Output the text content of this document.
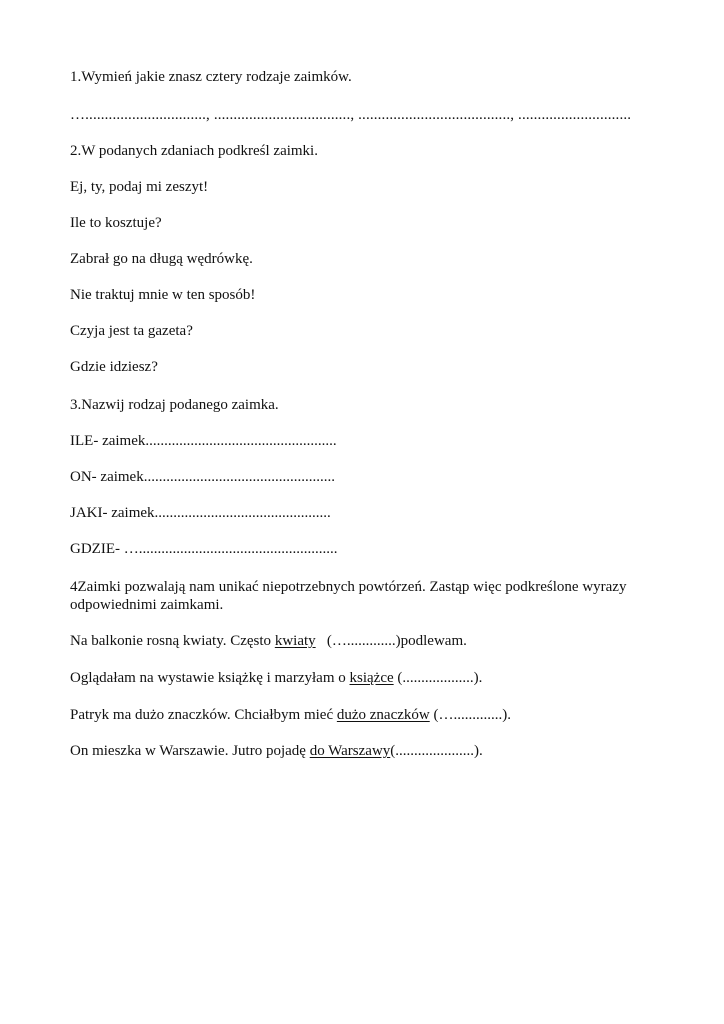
1.Wymień jakie znasz cztery rodzaje zaimków.
…..............................., ..................................., ......................................., .............................
2.W podanych zdaniach podkreśl zaimki.
Ej, ty, podaj mi zeszyt!
Ile to kosztuje?
Zabrał go na długą wędrówkę.
Nie traktuj mnie w ten sposób!
Czyja jest ta gazeta?
Gdzie idziesz?
3.Nazwij rodzaj podanego zaimka.
ILE- zaimek...................................................
ON- zaimek...................................................
JAKI- zaimek...............................................
GDZIE- ….....................................................
4Zaimki pozwalają nam unikać niepotrzebnych powtórzeń. Zastąp więc podkreślone wyrazy odpowiednimi zaimkami.
Na balkonie rosną kwiaty. Często kwiaty   (….............)podlewam.
Oglądałam na wystawie książkę i marzyłam o książce (...................).
Patryk ma dużo znaczków. Chciałbym mieć dużo znaczków (….............).
On mieszka w Warszawie. Jutro pojadę do Warszawy(.....................).
